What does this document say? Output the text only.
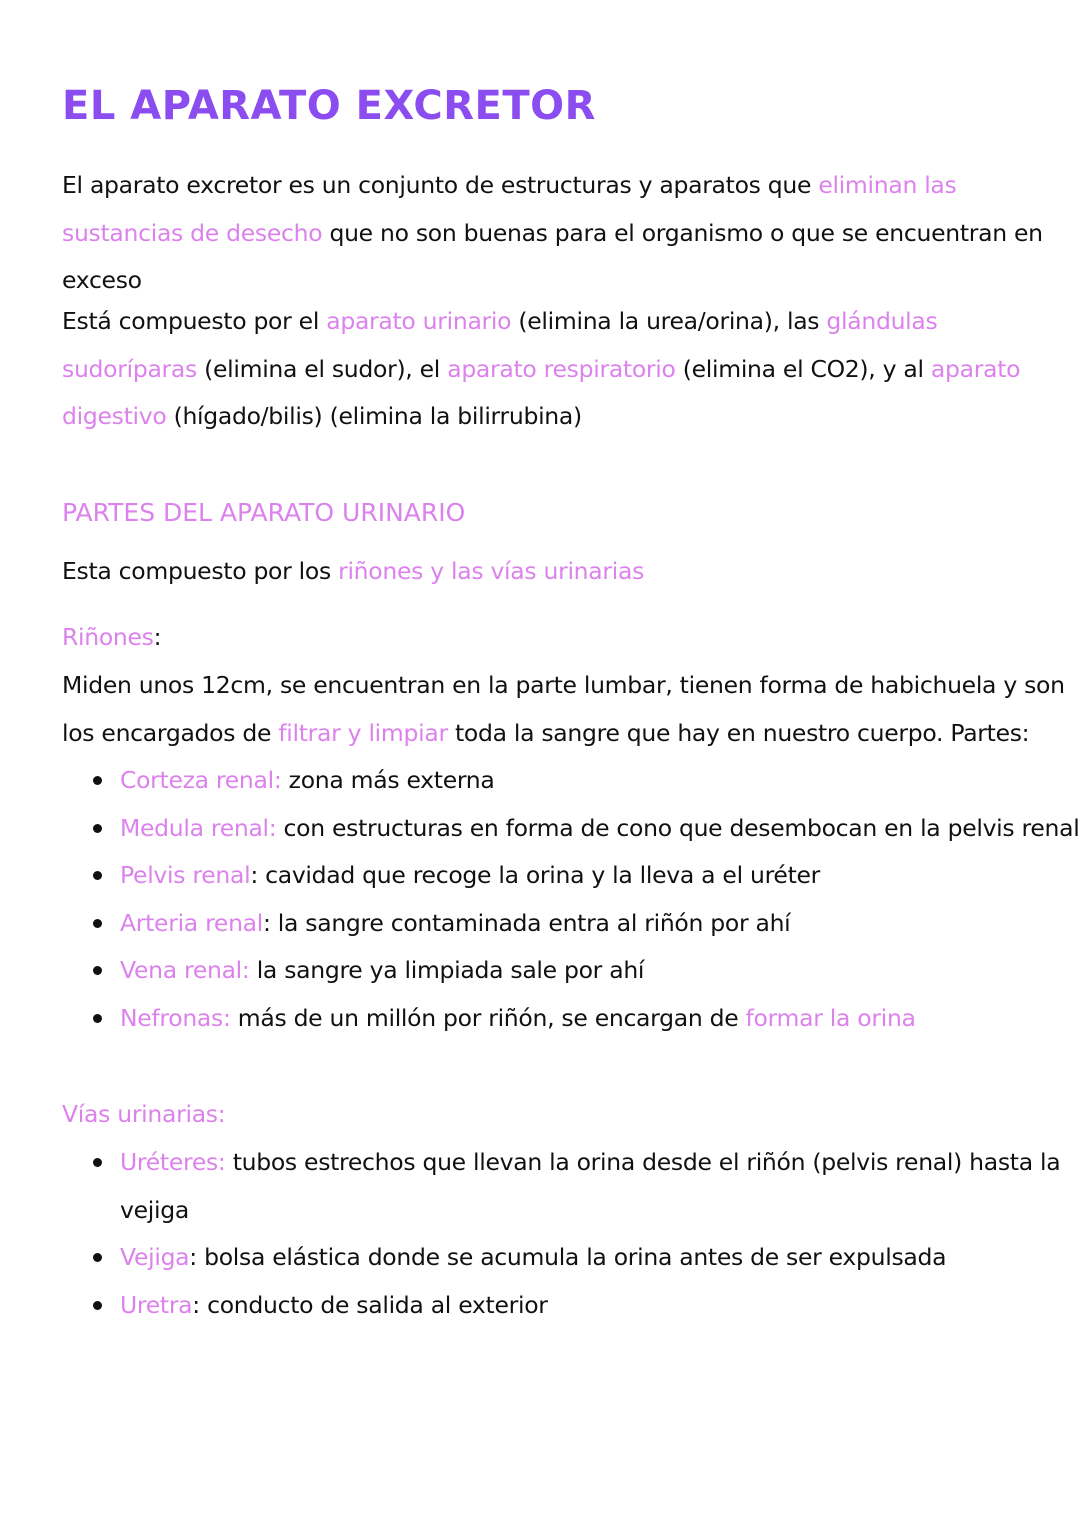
EL APARATO EXCRETOR

El aparato excretor es un conjunto de estructuras y aparatos que eliminan las sustancias de desecho que no son buenas para el organismo o que se encuentran en exceso

Está compuesto por el aparato urinario (elimina la urea/orina), las glándulas sudoríparas (elimina el sudor), el aparato respiratorio (elimina el CO2), y al aparato digestivo (hígado/bilis) (elimina la bilirrubina)

PARTES DEL APARATO URINARIO

Esta compuesto por los riñones y las vías urinarias

Riñones:

Miden unos 12cm, se encuentran en la parte lumbar, tienen forma de habichuela y son los encargados de filtrar y limpiar toda la sangre que hay en nuestro cuerpo. Partes:

Corteza renal: zona más externa
Medula renal: con estructuras en forma de cono que desembocan en la pelvis renal
Pelvis renal: cavidad que recoge la orina y la lleva a el uréter
Arteria renal: la sangre contaminada entra al riñón por ahí
Vena renal: la sangre ya limpiada sale por ahí
Nefronas: más de un millón por riñón, se encargan de formar la orina

Vías urinarias:

Uréteres: tubos estrechos que llevan la orina desde el riñón (pelvis renal) hasta la vejiga
Vejiga: bolsa elástica donde se acumula la orina antes de ser expulsada
Uretra: conducto de salida al exterior
